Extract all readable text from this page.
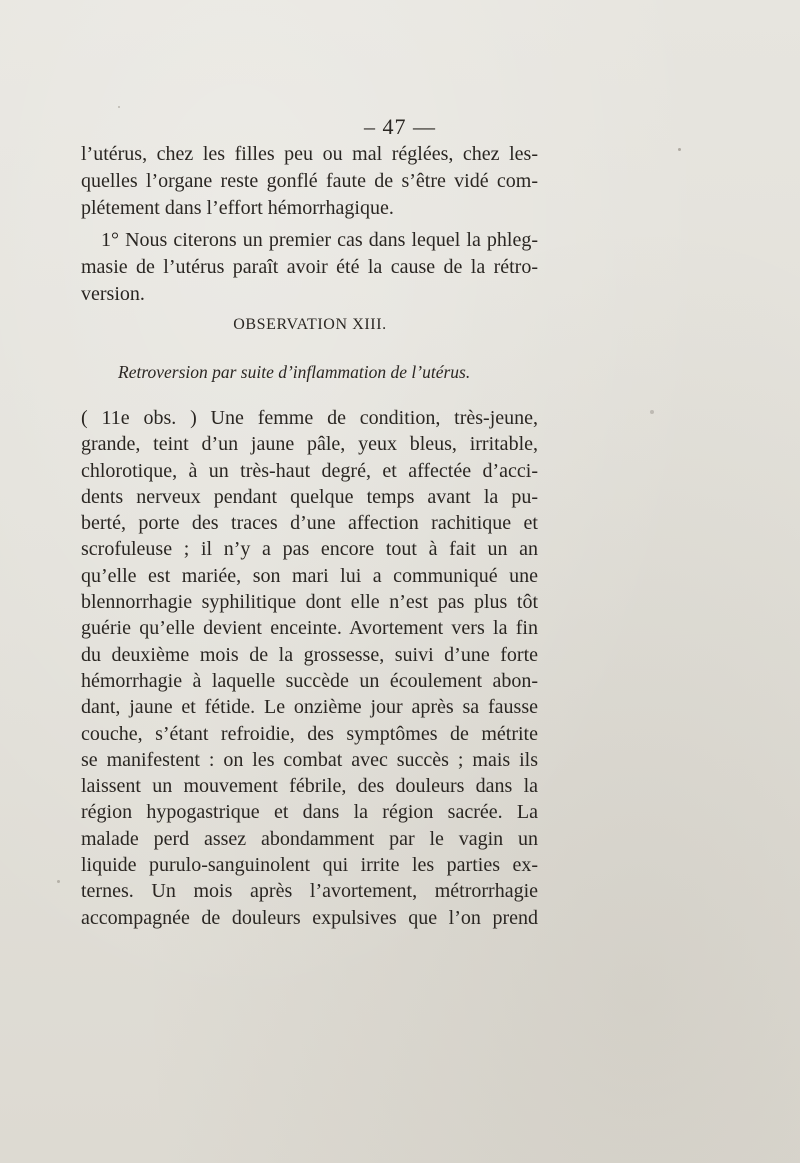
– 47 —
l’utérus, chez les filles peu ou mal réglées, chez les-
quelles l’organe reste gonflé faute de s’être vidé com-
plétement dans l’effort hémorrhagique.
1° Nous citerons un premier cas dans lequel la phleg-
masie de l’utérus paraît avoir été la cause de la rétro-
version.
OBSERVATION XIII.
Retroversion par suite d’inflammation de l’utérus.
( 11e obs. ) Une femme de condition, très-jeune,
grande, teint d’un jaune pâle, yeux bleus, irritable,
chlorotique, à un très-haut degré, et affectée d’acci-
dents nerveux pendant quelque temps avant la pu-
berté, porte des traces d’une affection rachitique et
scrofuleuse ; il n’y a pas encore tout à fait un an
qu’elle est mariée, son mari lui a communiqué une
blennorrhagie syphilitique dont elle n’est pas plus tôt
guérie qu’elle devient enceinte. Avortement vers la fin
du deuxième mois de la grossesse, suivi d’une forte
hémorrhagie à laquelle succède un écoulement abon-
dant, jaune et fétide. Le onzième jour après sa fausse
couche, s’étant refroidie, des symptômes de métrite
se manifestent : on les combat avec succès ; mais ils
laissent un mouvement fébrile, des douleurs dans la
région hypogastrique et dans la région sacrée. La
malade perd assez abondamment par le vagin un
liquide purulo-sanguinolent qui irrite les parties ex-
ternes. Un mois après l’avortement, métrorrhagie
accompagnée de douleurs expulsives que l’on prend
